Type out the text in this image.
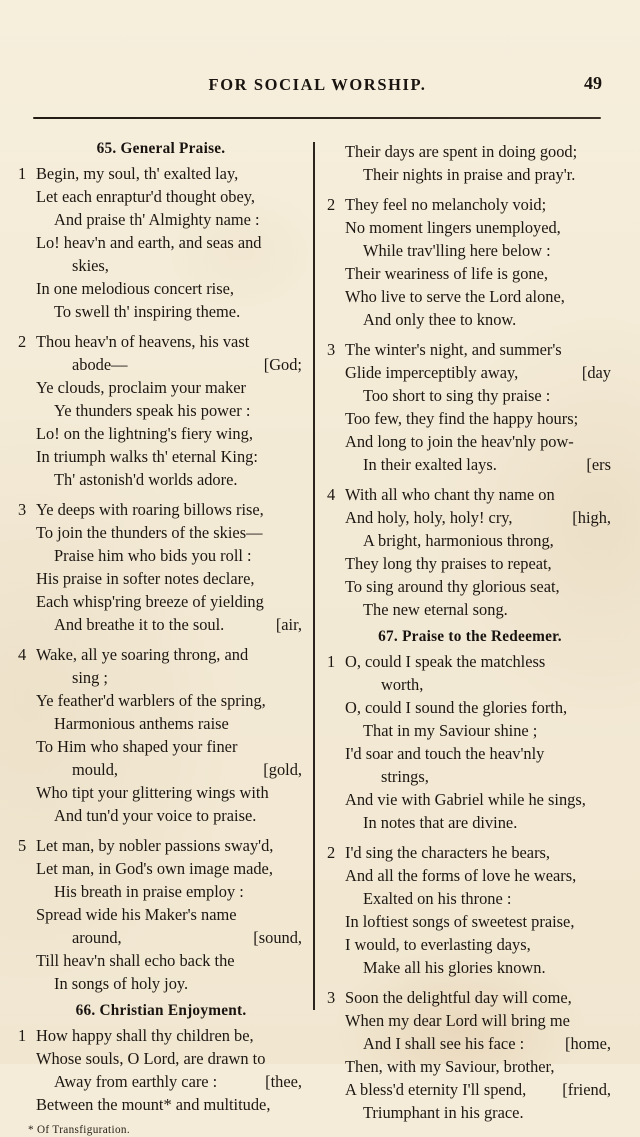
FOR SOCIAL WORSHIP.	49
65. General Praise.
1 Begin, my soul, th' exalted lay,
Let each enraptur'd thought obey,
And praise th' Almighty name :
Lo! heav'n and earth, and seas and
skies,
In one melodious concert rise,
To swell th' inspiring theme.
2 Thou heav'n of heavens, his vast
abode—	[God;
Ye clouds, proclaim your maker
Ye thunders speak his power :
Lo! on the lightning's fiery wing,
In triumph walks th' eternal King:
Th' astonish'd worlds adore.
3 Ye deeps with roaring billows rise,
To join the thunders of the skies—
Praise him who bids you roll :
His praise in softer notes declare,
Each whisp'ring breeze of yielding
And breathe it to the soul.	[air,
4 Wake, all ye soaring throng, and
sing ;
Ye feather'd warblers of the spring,
Harmonious anthems raise
To Him who shaped your finer
mould,	[gold,
Who tipt your glittering wings with
And tun'd your voice to praise.
5 Let man, by nobler passions sway'd,
Let man, in God's own image made,
His breath in praise employ :
Spread wide his Maker's name
around,	[sound,
Till heav'n shall echo back the
In songs of holy joy.
66. Christian Enjoyment.
1 How happy shall thy children be,
Whose souls, O Lord, are drawn to
Away from earthly care :	[thee,
Between the mount* and multitude,
* Of Transfiguration.
Their days are spent in doing good;
Their nights in praise and pray'r.
2 They feel no melancholy void;
No moment lingers unemployed,
While trav'lling here below :
Their weariness of life is gone,
Who live to serve the Lord alone,
And only thee to know.
3 The winter's night, and summer's
Glide imperceptibly away,	[day
Too short to sing thy praise :
Too few, they find the happy hours;
And long to join the heav'nly pow-
In their exalted lays.	[ers
4 With all who chant thy name on
And holy, holy, holy! cry,	[high,
A bright, harmonious throng,
They long thy praises to repeat,
To sing around thy glorious seat,
The new eternal song.
67. Praise to the Redeemer.
1 O, could I speak the matchless
worth,
O, could I sound the glories forth,
That in my Saviour shine ;
I'd soar and touch the heav'nly
strings,
And vie with Gabriel while he sings,
In notes that are divine.
2 I'd sing the characters he bears,
And all the forms of love he wears,
Exalted on his throne :
In loftiest songs of sweetest praise,
I would, to everlasting days,
Make all his glories known.
3 Soon the delightful day will come,
When my dear Lord will bring me
And I shall see his face : [home,
Then, with my Saviour, brother,
A bless'd eternity I'll spend, [friend,
Triumphant in his grace.
